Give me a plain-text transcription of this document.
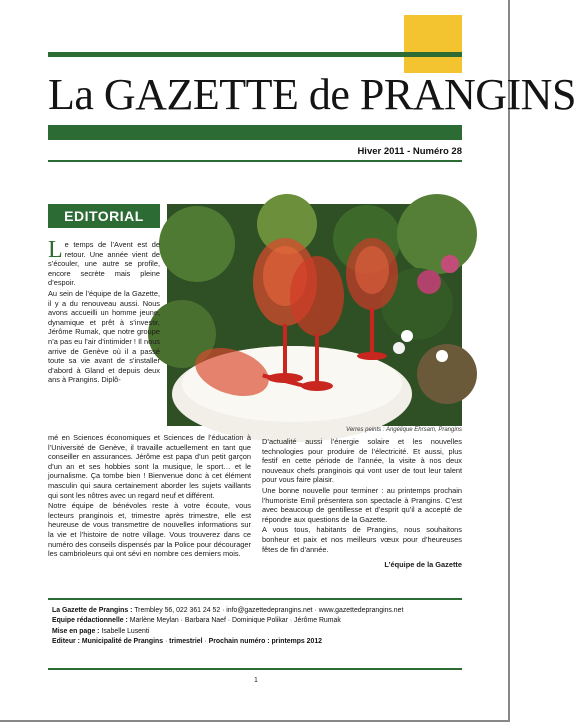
La GAZETTE de PRANGINS
Hiver 2011 - Numéro 28
EDITORIAL
Verres peints : Angélique Ehrsam, Prangins

Le temps de l’Avent est de retour. Une année vient de s’écouler, une autre se profile, encore secrète mais pleine d’espoir.

Au sein de l’équipe de la Gazette, il y a du renouveau aussi. Nous avons accueilli un homme jeune, dynamique et prêt à s’investir, Jérôme Rumak, que notre groupe n’a pas eu l’air d’intimider ! Il nous arrive de Genève où il a passé toute sa vie avant de s’installer d’abord à Gland et depuis deux ans à Prangins. Diplô-

mé en Sciences économiques et Sciences de l’éducation à l’Université de Genève, il travaille actuellement en tant que conseiller en assurances. Jérôme est papa d’un petit garçon d’un an et ses hobbies sont la musique, le sport… et le journalisme. Ça tombe bien ! Bienvenue donc à cet élément masculin qui saura certainement aborder les sujets vaillants qui sont les nôtres avec un regard neuf et différent.

Notre équipe de bénévoles reste à votre écoute, vous lecteurs pranginois et, trimestre après trimestre, elle est heureuse de vous transmettre de nouvelles informations sur la vie et l’histoire de notre village. Vous trouverez dans ce numéro des conseils dispensés par la Police pour décourager les cambrioleurs qui ont sévi en nombre ces derniers mois.

D’actualité aussi l’énergie solaire et les nouvelles technologies pour produire de l’électricité. Et aussi, plus festif en cette période de l’année, la visite à nos deux nouveaux chefs pranginois qui vont user de tout leur talent pour vous faire plaisir.

Une bonne nouvelle pour terminer : au printemps prochain l’humoriste Emil présentera son spectacle à Prangins. C’est avec beaucoup de gentillesse et d’esprit qu’il a accepté de répondre aux questions de la Gazette.

A vous tous, habitants de Prangins, nous souhaitons bonheur et paix et nos meilleurs vœux pour d’heureuses fêtes de fin d’année.

L’équipe de la Gazette
La Gazette de Prangins : Trembley 56, 022 361 24 52 · info@gazettedeprangins.net · www.gazettedeprangins.net
Equipe rédactionnelle : Marlène Meylan · Barbara Naef · Dominique Polikar · Jérôme Rumak
Mise en page : Isabelle Lusenti
Editeur : Municipalité de Prangins · trimestriel · Prochain numéro : printemps 2012
1
